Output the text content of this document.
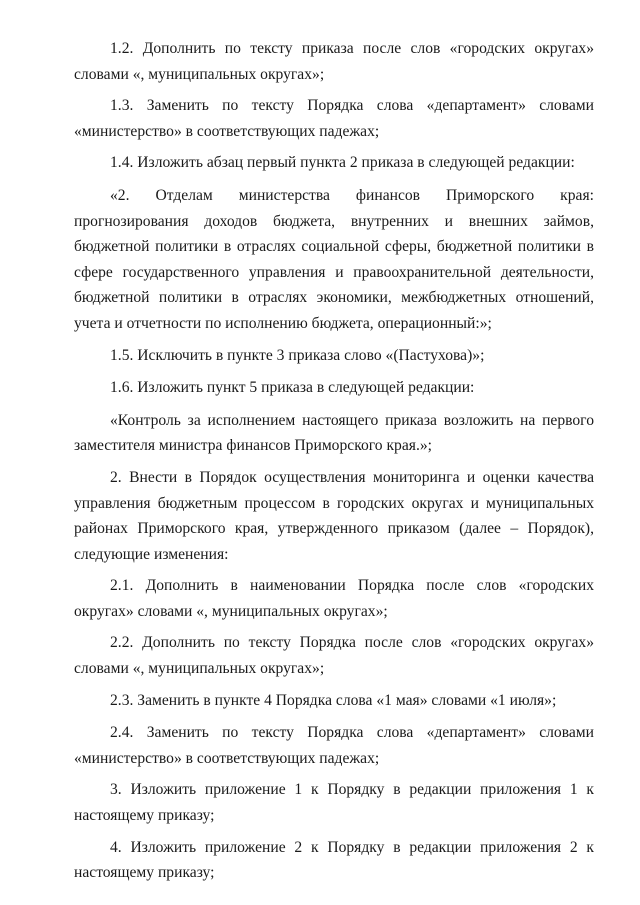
1.2. Дополнить по тексту приказа после слов «городских округах» словами «, муниципальных округах»;

1.3. Заменить по тексту Порядка слова «департамент» словами «министерство» в соответствующих падежах;

1.4. Изложить абзац первый пункта 2 приказа в следующей редакции:

«2. Отделам министерства финансов Приморского края: прогнозирования доходов бюджета, внутренних и внешних займов, бюджетной политики в отраслях социальной сферы, бюджетной политики в сфере государственного управления и правоохранительной деятельности, бюджетной политики в отраслях экономики, межбюджетных отношений, учета и отчетности по исполнению бюджета, операционный:»;

1.5. Исключить в пункте 3 приказа слово «(Пастухова)»;

1.6. Изложить пункт 5 приказа в следующей редакции:

«Контроль за исполнением настоящего приказа возложить на первого заместителя министра финансов Приморского края.»;

2. Внести в Порядок осуществления мониторинга и оценки качества управления бюджетным процессом в городских округах и муниципальных районах Приморского края, утвержденного приказом (далее – Порядок), следующие изменения:

2.1. Дополнить в наименовании Порядка после слов «городских округах» словами «, муниципальных округах»;

2.2. Дополнить по тексту Порядка после слов «городских округах» словами «, муниципальных округах»;

2.3. Заменить в пункте 4 Порядка слова «1 мая» словами «1 июля»;

2.4. Заменить по тексту Порядка слова «департамент» словами «министерство» в соответствующих падежах;

3. Изложить приложение 1 к Порядку в редакции приложения 1 к настоящему приказу;

4. Изложить приложение 2 к Порядку в редакции приложения 2 к настоящему приказу;
